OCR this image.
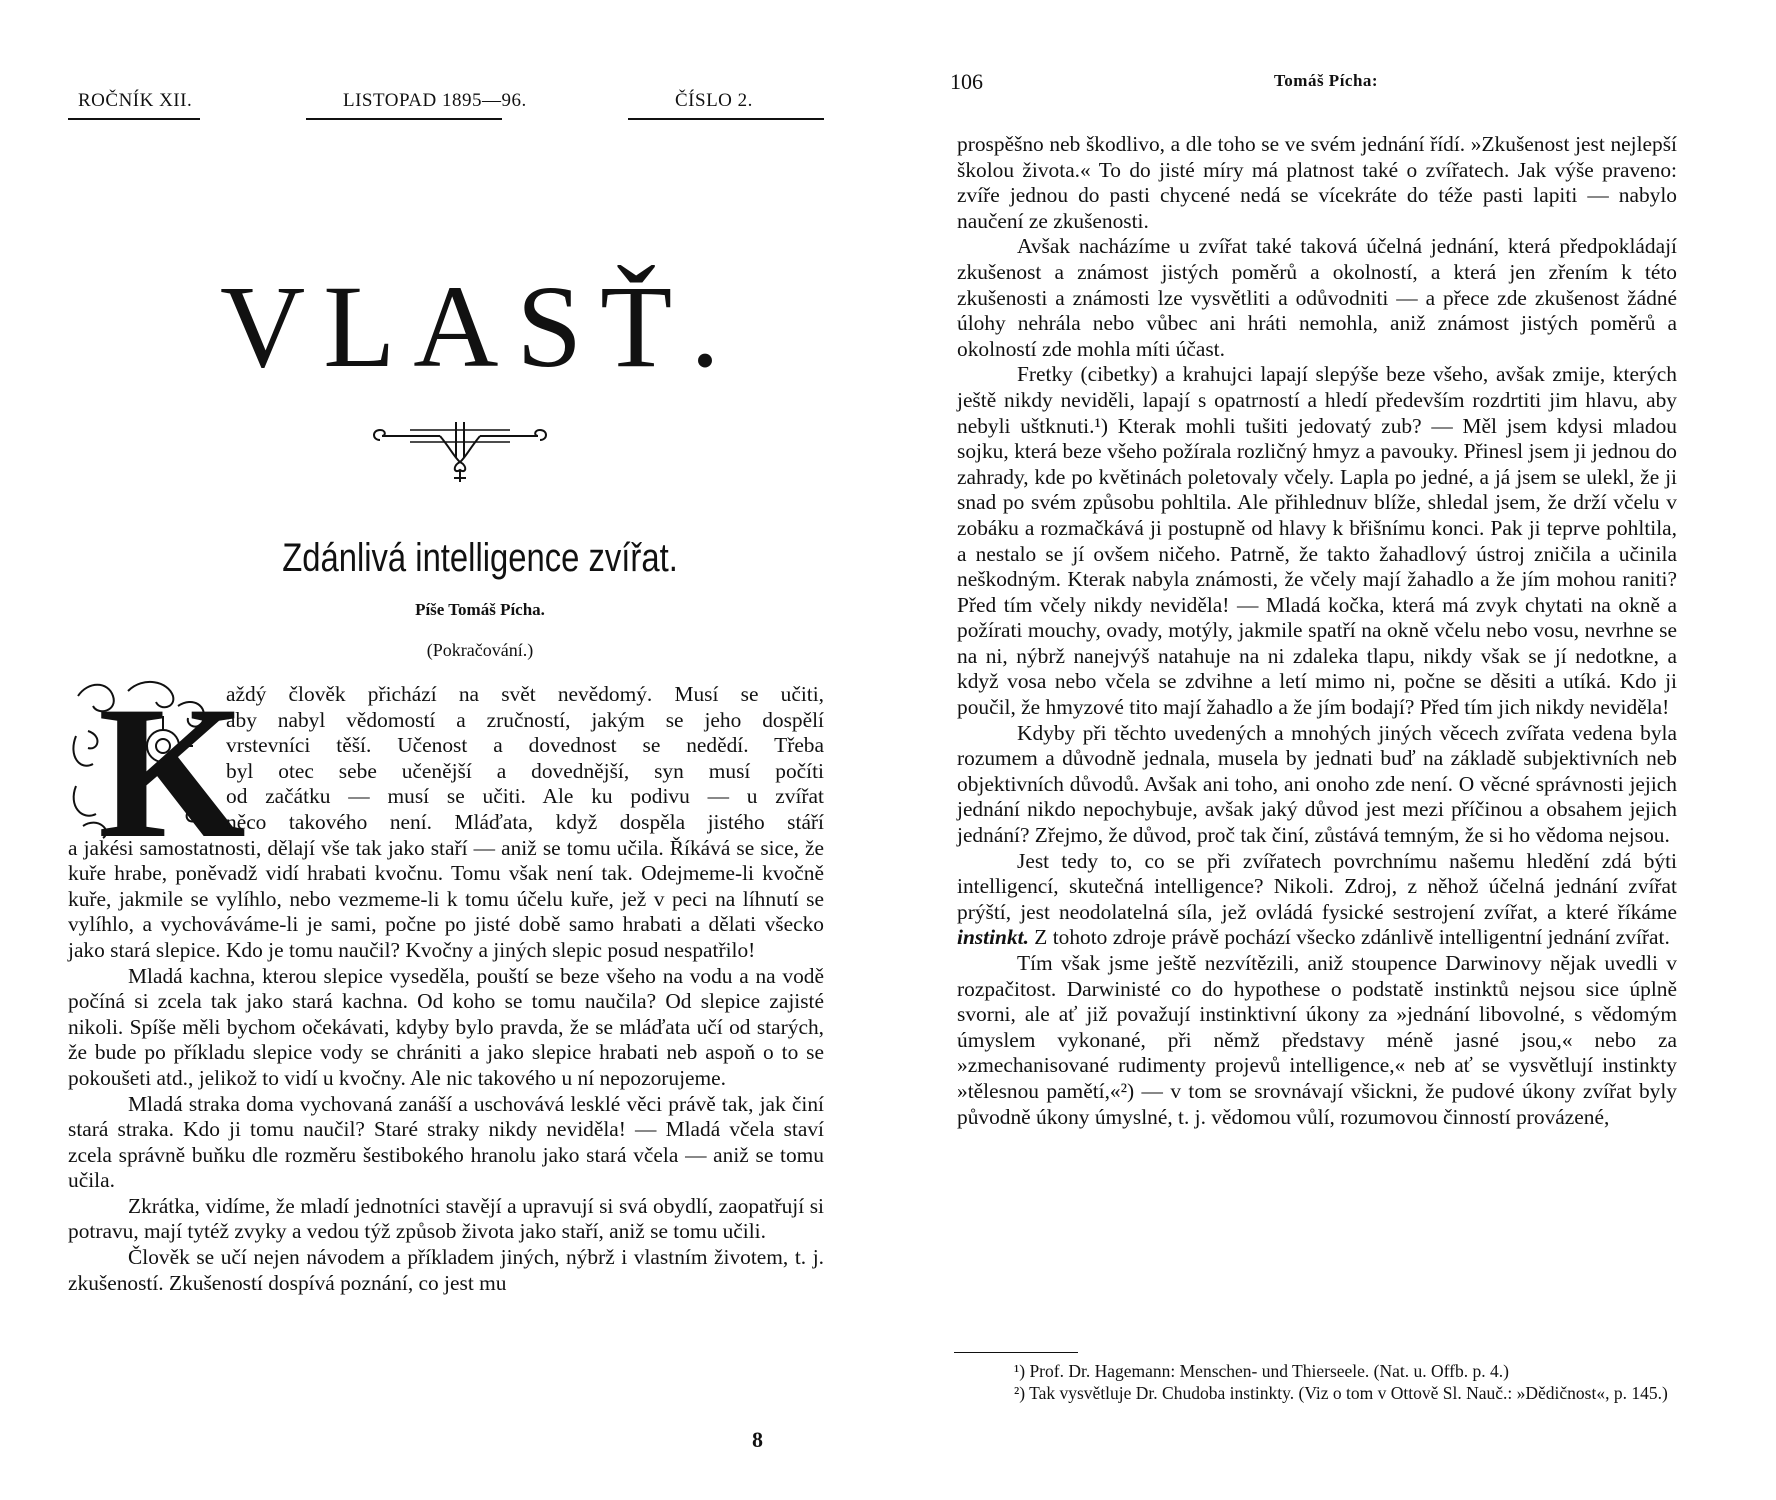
ROČNÍK XII.	LISTOPAD 1895—96.	ČÍSLO 2.
VLASŤ.
Zdánlivá intelligence zvířat.
Píše Tomáš Pícha.
(Pokračování.)
K
aždý člověk přichází na svět nevědomý. Musí se učiti,
aby nabyl vědomostí a zručností, jakým se jeho dospělí
vrstevníci těší. Učenost a dovednost se nedědí. Třeba
byl otec sebe učenější a dovednější, syn musí počíti
od začátku — musí se učiti. Ale ku podivu — u zvířat
něco takového není. Mláďata, když dospěla jistého stáří

a jakési samostatnosti, dělají vše tak jako staří — aniž se tomu učila. Říkává se sice, že kuře hrabe, poněvadž vidí hrabati kvočnu. Tomu však není tak. Odejmeme-li kvočně kuře, jakmile se vylíhlo, nebo vezmeme-li k tomu účelu kuře, jež v peci na líhnutí se vylíhlo, a vychováváme-li je sami, počne po jisté době samo hrabati a dělati všecko jako stará slepice. Kdo je tomu naučil? Kvočny a jiných slepic posud nespatřilo!

Mladá kachna, kterou slepice vyseděla, pouští se beze všeho na vodu a na vodě počíná si zcela tak jako stará kachna. Od koho se tomu naučila? Od slepice zajisté nikoli. Spíše měli bychom očekávati, kdyby bylo pravda, že se mláďata učí od starých, že bude po příkladu slepice vody se chrániti a jako slepice hrabati neb aspoň o to se pokoušeti atd., jelikož to vidí u kvočny. Ale nic takového u ní nepozorujeme.

Mladá straka doma vychovaná zanáší a uschovává lesklé věci právě tak, jak činí stará straka. Kdo ji tomu naučil? Staré straky nikdy neviděla! — Mladá včela staví zcela správně buňku dle rozměru šestibokého hranolu jako stará včela — aniž se tomu učila.

Zkrátka, vidíme, že mladí jednotníci stavějí a upravují si svá obydlí, zaopatřují si potravu, mají tytéž zvyky a vedou týž způsob života jako staří, aniž se tomu učili.

Člověk se učí nejen návodem a příkladem jiných, nýbrž i vlastním životem, t. j. zkušeností. Zkušeností dospívá poznání, co jest mu

8
106	Tomáš Pícha:

prospěšno neb škodlivo, a dle toho se ve svém jednání řídí. »Zkušenost jest nejlepší školou života.« To do jisté míry má platnost také o zvířatech. Jak výše praveno: zvíře jednou do pasti chycené nedá se vícekráte do téže pasti lapiti — nabylo naučení ze zkušenosti.

Avšak nacházíme u zvířat také taková účelná jednání, která předpokládají zkušenost a známost jistých poměrů a okolností, a která jen zřením k této zkušenosti a známosti lze vysvětliti a odůvodniti — a přece zde zkušenost žádné úlohy nehrála nebo vůbec ani hráti nemohla, aniž známost jistých poměrů a okolností zde mohla míti účast.

Fretky (cibetky) a krahujci lapají slepýše beze všeho, avšak zmije, kterých ještě nikdy neviděli, lapají s opatrností a hledí především rozdrtiti jim hlavu, aby nebyli uštknuti.¹) Kterak mohli tušiti jedovatý zub? — Měl jsem kdysi mladou sojku, která beze všeho požírala rozličný hmyz a pavouky. Přinesl jsem ji jednou do zahrady, kde po květinách poletovaly včely. Lapla po jedné, a já jsem se ulekl, že ji snad po svém způsobu pohltila. Ale přihlednuv blíže, shledal jsem, že drží včelu v zobáku a rozmačkává ji postupně od hlavy k břišnímu konci. Pak ji teprve pohltila, a nestalo se jí ovšem ničeho. Patrně, že takto žahadlový ústroj zničila a učinila neškodným. Kterak nabyla známosti, že včely mají žahadlo a že jím mohou raniti? Před tím včely nikdy neviděla! — Mladá kočka, která má zvyk chytati na okně a požírati mouchy, ovady, motýly, jakmile spatří na okně včelu nebo vosu, nevrhne se na ni, nýbrž nanejvýš natahuje na ni zdaleka tlapu, nikdy však se jí nedotkne, a když vosa nebo včela se zdvihne a letí mimo ni, počne se děsiti a utíká. Kdo ji poučil, že hmyzové tito mají žahadlo a že jím bodají? Před tím jich nikdy neviděla!

Kdyby při těchto uvedených a mnohých jiných věcech zvířata vedena byla rozumem a důvodně jednala, musela by jednati buď na základě subjektivních neb objektivních důvodů. Avšak ani toho, ani onoho zde není. O věcné správnosti jejich jednání nikdo nepochybuje, avšak jaký důvod jest mezi příčinou a obsahem jejich jednání? Zřejmo, že důvod, proč tak činí, zůstává temným, že si ho vědoma nejsou.

Jest tedy to, co se při zvířatech povrchnímu našemu hledění zdá býti intelligencí, skutečná intelligence? Nikoli. Zdroj, z něhož účelná jednání zvířat prýští, jest neodolatelná síla, jež ovládá fysické sestrojení zvířat, a které říkáme instinkt. Z tohoto zdroje právě pochází všecko zdánlivě intelligentní jednání zvířat.

Tím však jsme ještě nezvítězili, aniž stoupence Darwinovy nějak uvedli v rozpačitost. Darwinisté co do hypothese o podstatě instinktů nejsou sice úplně svorni, ale ať již považují instinktivní úkony za »jednání libovolné, s vědomým úmyslem vykonané, při němž představy méně jasné jsou,« nebo za »zmechanisované rudimenty projevů intelligence,« neb ať se vysvětlují instinkty »tělesnou pamětí,«²) — v tom se srovnávají všickni, že pudové úkony zvířat byly původně úkony úmyslné, t. j. vědomou vůlí, rozumovou činností provázené,

¹) Prof. Dr. Hagemann: Menschen- und Thierseele. (Nat. u. Offb. p. 4.)

²) Tak vysvětluje Dr. Chudoba instinkty. (Viz o tom v Ottově Sl. Nauč.: »Dědičnost«, p. 145.)
